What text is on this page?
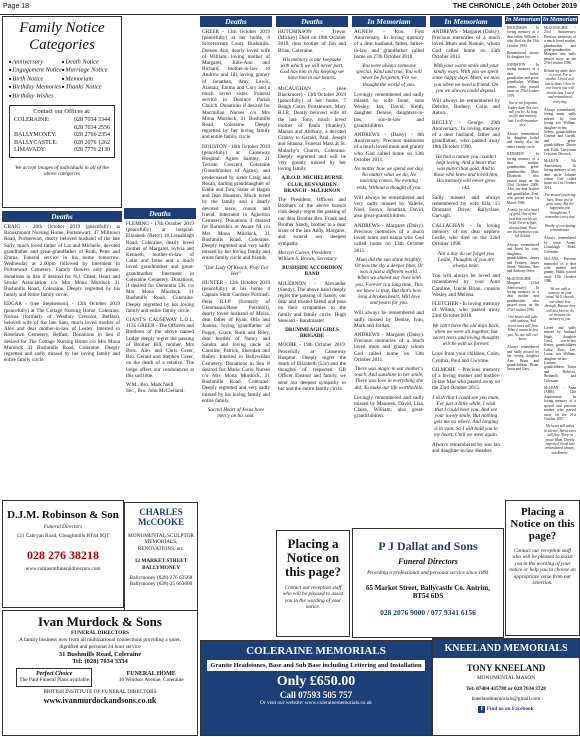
Page 18	THE CHRONICLE , 24th October 2019
Family Notice Categories
■ Anniversary	■ Death Notice
■ Engagement Notice ■ Marriage Notice
■ Birth Notice	■ Memoriam
■ Birthday Memories ■ Thanks Notice
■ Birthday Wishes
Contact our Offices at:
COLERAINE:	028 7034 3344
028 7034 2556
BALLYMONEY:	028 2766 2354
BALLYCASTLE:	028 2076 1262
LIMAVADY:	028 7776 2130
We accept images of individuals in all of the above categories
Deaths

CRAIG - 20th October 2019 (peacefully) at Brookmount Nursing Home, Portstewart. 47 Milltown Road, Portstewart, dearly beloved husband of the late Sally, much loved father of Liz and Michelle, devoted grandfather and great-grandfather of Ruth, Peter and Emma. Funeral service in his home tomorrow. Wednesday at 2.00pm followed by interment in Portstewart Cemetery. Family flowers only please, donations in lieu if desired for N.I. Chest, Heart and Stroke Association c/o Mrs Mona Murdock 31 Bushmills Road, Coleraine. Deeply regretted by his family and entire family circle.

EDGAR - (nee Stephenson) - 12th October 2019 (peacefully) at The Cottage Nursing Home, Coleraine. Norma (formerly of Westbay Crescent, Belfast), beloved wife of the late Sam, much loved mother of Alex and dear mother-in-law of Lesley. Interred in Roselawn Cemetery, Belfast. Donations in lieu if desired for The Cottage Nursing Home c/o Mrs Mona Murdock 31 Bushmills Road, Coleraine. Deeply regretted and sadly missed by her loving family and entire family circle.

Deaths

FLEMING - 17th October 2019 (peacefully) at hospital. Elizabeth (Betty) 16 Lisnablagh Road, Coleraine, dearly loved mother of Margaret, Sylvia and Kenneth, mother-in-law of Colin and Irene and a much loved grandmother and great-grandmother. Interment in Coleraine Cemetery. Donations, if desired for Dementia UK c/o Mrs Mona Murdock, 31 Bushmills Road, Coleraine. Deeply regretted by her loving family and entire family circle.

GIANT'S CAUSEWAY L.O.L. 1135 GREER - The Officers and Brethren of the above named Lodge deeply regret the passing of Brother Bill, mother, Mrs Bros. Alex and Chris Greer, Bro. Gerald and Stephen Greer, on the death of a relative. The lodge offers our condolences at this sad time.

W.M., Bro. Mark Neill
Sec., Bro. John McClelland.

CHARLES McCOOKE
MONUMENTAL SCULPTOR MEMORIALS, RENOVATIONS, etc.
12 MARKET STREET BALLYMONEY
Ballymoney (028) 276 63568
Ballymoney (028) 25 663600
D.J.M. Robinson & Son
Funeral Directors
121 Cabryan Road, Cloughmills BT44 9QT
028 276 38218
www.robinsonfuneraldirectors.com
Ivan Murdock & Sons
FUNERAL DIRECTORS
A family business now from all multinational connections providing a quiet, dignified and personal 24 hour service
31 Bushmills Road, Coleraine
Tel: (028) 7034 3334
Perfect Choice
The Paid Funeral Plans available
FUNERAL HOME
16 Windsor Avenue, Coleraine
BRITISH INSTITUTE OF FUNERAL DIRECTORS
www.ivanmurdockandsons.co.uk
Deaths

GREER - 13th October 2019 (peacefully) at her home, 8 Silverstream Court, Bushmills. Doreen Ann, dearly loved wife of William, loving mother of Margaret, Julie-Ann and Richard, mother-in-law to Andrew and Jill, loving granny of Jonathan, Amy, Lewis, Alastair, Emma and Cory and a much loved sister. Funeral service in Dunluce Parish Church. Donations if desired for Macmillan Nurses c/o Mrs Mona Murdock, 31 Bushmills Road, Coleraine. Deeply regretted by her loving family and entire family circle.

HOUSTON - 16th October 2019 (peacefully) at Causeway Hospital. Agnes Sammy, 21 Torcain Crescent, Coleraine (Grandmother of Agnes), and predeceased by sister Craig and Rosan, darling granddaughter of Eddie and Tom, Sister of Hagan and Jean Houston. Much loved by the family and a dearly devoted niece, cousin and friend. Interment in Agherton Cemetery. Donations if desired for Barnardo's or Aware NI c/o Mrs Mona Murdock, 31 Bushmills Road, Coleraine. Deeply regretted and very sadly missed by her loving family and entire family circle and friends.

"Our Lady Of Knock, Pray For Her"

HUNTER - 12th October 2019 (peacefully) at his home 4 Captain Shutt Gardens Portrush. Peter R.I.P. (formerly of Glenmanus/Rose Portmoll), dearly loved husband of Moira, dear father of Ryan, Orla and Joanna, loving grandfather of Poppy, Grace, Rudi and Riley, dear brother of Nancy and Sandra and loving uncle of Caroline, Patrick, Sheridan and Bailey. Interred in Ballywillan Cemetery. Donations in lieu if desired for Marie Curie Nurses c/o Mrs Mona Murdock, 31 Bushmills Road, Coleraine. Deeply regretted and very sadly missed by his loving family and entire family.

Sacred Heart of Jesus have mercy on his soul.

Deaths

HUTCHINSON - Trevor (Mickey) Died on 19th October 2019, dear brother of Jim and Brian, Coleraine.

His memory is our keepsake with which we will never part. God has him in his keeping we have him in our hearts.

McCAUGHAN - (nee Blackmore) - 13th October 2019 (peacefully) at her home, 7 Beagh Court, Portstewart. Mary R.I.P., Dearly beloved wife of the late Tony, much loved mother of Paula (Stanley), Marian and Anthony, a devoted Granny to Gerald, Paul, Joseph and Shauna, Funeral Mass at St. Malachy's Church, Coleraine. Deeply regretted and will be very greatly missed by her loving family.

A.B.O.D. MICHELBURNE CLUB, BENVARDEN BRANCH - McLERNON

The President, Officers and Brothers of the above branch club deeply regret the passing of our dear Brother Bro. Frank and Brother Sandy, brother to a dear sister of the late Andy, Margaret, and extend our deepest sympathy.

Mervyn Calvin, President
William S. Brown, Secretary

BUSHSIDE ACCORDION BAND

McLERNON - Alexander (Sandy). The above band deeply regret the passing of Sandy, our dear and trusted friend and pass on their sympathies to the family and family circle. Hugh Steward - Bandmaster

DRUMMEAGH GIRLS BRIGADE

MOORE - 19th October 2019. Peacefully at Causeway Hospital. Deeply regret the death of Elizabeth (Liz) and the thoughts of respected GB Officer Eleanor and family, we send our deepest sympathy to her and the entire family circle.

Placing a Notice on this page?
Contact our reception staff who will be pleased to assist you in the wording of your notice.
COLERAINE MEMORIALS
Granite Headstones, Base and Sub Base including Lettering and Installation
Only £650.00
Call 07593 505 757
Or visit our website: www.colerainememorials.co.uk
In Memoriam

AGNEW - Ron. First Anniversary. In loving memory of a dear husband, father, father-in-law and grandfather called home on 27th October 2018.

You were always someone special, Kind and true, You will never be forgotten, For we thought the world of you.

Lovingly remembered and sadly missed by wife Irene, sons Wesley, Ian, David, Keith, daughter Denise, daughters-in-law, son-in-law and grandchildren.

ANDREWS - (Daisy) - 8th Anniversary. Precious memories of a much loved mum and granny who God called home on 13th October 2011.

No matter how we spend our day, No matter what we do, No morning comes, No evening ends, Without a thought of you.

Will always be remembered and very sadly missed by Valerie, Noel, Sonya, Jonathan, David, also great-grandchildren.

ANDREWS - Margaret (Daisy). Precious memories of a much loved mum and nanna who God called home on 13th October 2011.

Mum did the sun shine brightly, Or was the sky a deeper blue, Or was it just a different world, When we shared our lives with you, Forever is a long time, This we know is true, But that's how long a broken heart, Will love and yearn for you.

Will always be remembered and sadly missed by Denise, Ivan, Mark and Jordan.

ANDREWS - Margaret (Daisy). Precious memories of a much loved mum and granny whom God called home on 13th October 2011.

There was magic in our mother's touch, And sunshine in her smile, There was love in everything she did, To make our life worthwhile.

Lovingly remembered and sadly missed by Maureen, David, Lisa, Claire, William; also great-grandchildren.

In Memoriam

ANDREWS - Margaret (Daisy). Precious memories of a much loved Mum and Nannie, whom God called home on 13th October 2011.

With your warm smile and your kindly ways. With you we spent some happy days. Mum, we miss you when we need a friend. On you we always could depend.

Will always be remembered by Deirdre, Rodney, Colin and Aaron.

BEGLEY - George. 29th Anniversary. In loving memory of a dear husband, father and grandfather, who passed away 18th October 1990.

He had a nature you couldn't help loving, And a heart that was purer than gold, And to those who knew and loved him, His memory will never grow old.

Sadly missed and always remembered by wife Ella, 15 Drumard Drive, Ballyclare, Garvagh.

CALLAGHAN - In loving memory of my dear nephew Leslie, who died on the 22nd October 1990.

Not a day do we forget you Leslie, Thoughts of you are always near.

You will always be loved and remembered by your Aunt Caroline, Uncle Brian, cousins Wesley and Melissa.

FLETCHER - In loving memory of Wilma, who passed away 23rd October 2018.

We can't have the old days back, when we were all together, but secret tears and loving thoughts will be with us forever.

Love from your children, Colin, Cynthia, Paul and Gwynne.

GILMORE - Precious memory of a loving mother and mother-in-law Mae who passed away on the 23rd October 2015.

I wish that I could see you mum, For just a little while, I wish that I could hear you, And see your lovely smile, But nothing gets me no where, And longing is in vain, So I will hold you in my heart, Until we meet again.

Always remembered by son Ian and daughter-in-law Heather.

In Memoriam

HICKINSON - In loving memory of a dear father, William J. who died on the 15th October 1993.

Remembered always by daughter Joy.

JOHNSTON - In loving memory of a dear father, grandfather and great-grandfather, William James, who passed away on 27th October 1979.

You're not forgotten Father dear, Not ever will you be, As long as life and memory last, I will remember thee.

Always remembered by daughter Isobel and family, also the entire family circle.

KENNEDY - In loving memory of a dear mother, grandmother, great-grandmother, Mary Elizabeth, who passed away on the 23rd October 2008. Also, our dear brother and grandfather, Fred, who passed away 1st March 1969.

A smile for all a heart of gold. One of the best this world can hold, Never selfish, always kind, These are the memories you left behind.

Always remembered and loved by sons, daughters, grandchildren, James and Frances, James Street, Windsor, Ann and Anthony Drive.

McGONAGHIE - Margaret (23rd Anniversary). In loving memory of a dear mother and grandmother who passed away on the 27th October 1996.

Our hearts still ache with sadness, And secret tears still flow, What it meant to lose you, No one will ever know.

Always remembered and sadly missed by her loving daughter Ann, Brian and grandchildren Brian, Jason and Gary.

In Memoriam

McGONAGHIE - 23rd Anniversary. Precious memories of a much loved mother, grandmother and great-grandmother, Margaret who sadly passed away on the 27th October 1996.

Behind my smile there is a tear, For a mother I loved and lost so dear, Close in our hearts you will always stay, Loved and remembered every day.

Always remembered, loving mum, sadly missed by your loving son William, daughter-in-law Selena, grandchildren Graeme and Gareth, and great-grandchildren Darcie and Faith. Greystone Crescent, Dervock.

McLEAN - 5th Anniversary. In loving memory of my dear uncle Johnnie whom God called home on 21st October 2014.

I've missed you being here, Since you've gone away, But the happiness you brought me, I remember every day.
Worthy of everlasting remembrance

Always remembered by niece Annie. Lisnablagh Road, Coleraine.

McCANE - Precious memories of a dear wife, mother and granny, Hilda, passed away 17th October 1986.

We are only a memory on your mind. We'll cherish our whole love through, But our love will last forever, As we treasure the memory of you.

Loved and sadly missed by husband Hugh, daughter Carol, son-in-law Kenny, grandchildren Cathy, Ross, Lee, Laura, son William, daughter-in-law Laverne, grandchildren Tanya and Rebecca, Bushmills and Coleraine.

McLEAN - Anna (ARR). 12th Anniversary. In loving memory of a special and precious mother who passed away on the 21st October 2007.

My heart still aches in silence, Silent tears still flow. Sleep in peace Mum. Deeply regretted, loved and remembered always, son Ronnie.
Placing a Notice on this page?
Contact our reception staff who will be pleased to assist you in the wording of your notice or help you to choose an appropriate verse from our selection.
P J Dallat and Sons
Funeral Directors
Providing a professional and personal service since 1891
65 Market Street, Ballycastle Co. Antrim, BT54 6DS
028 2076 9000 / 077 9341 6156
KNEELAND MEMORIALS
TONY KNEELAND
MONUMENTAL MASON
Tel: 07484 435788 or 028 7034 3728
kneelandmemorials@gmail.com
f Find us on Facebook
